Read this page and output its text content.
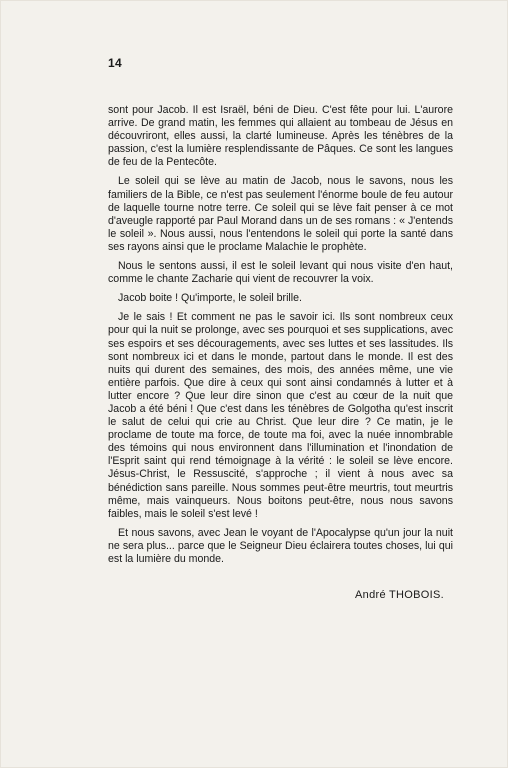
14

sont pour Jacob. Il est Israël, béni de Dieu. C'est fête pour lui. L'aurore arrive. De grand matin, les femmes qui allaient au tombeau de Jésus en découvriront, elles aussi, la clarté lumineuse. Après les ténèbres de la passion, c'est la lumière resplendissante de Pâques. Ce sont les langues de feu de la Pentecôte.

Le soleil qui se lève au matin de Jacob, nous le savons, nous les familiers de la Bible, ce n'est pas seulement l'énorme boule de feu autour de laquelle tourne notre terre. Ce soleil qui se lève fait penser à ce mot d'aveugle rapporté par Paul Morand dans un de ses romans : « J'entends le soleil ». Nous aussi, nous l'entendons le soleil qui porte la santé dans ses rayons ainsi que le proclame Malachie le prophète.

Nous le sentons aussi, il est le soleil levant qui nous visite d'en haut, comme le chante Zacharie qui vient de recouvrer la voix.

Jacob boite ! Qu'importe, le soleil brille.

Je le sais ! Et comment ne pas le savoir ici. Ils sont nombreux ceux pour qui la nuit se prolonge, avec ses pourquoi et ses supplications, avec ses espoirs et ses découragements, avec ses luttes et ses lassitudes. Ils sont nombreux ici et dans le monde, partout dans le monde. Il est des nuits qui durent des semaines, des mois, des années même, une vie entière parfois. Que dire à ceux qui sont ainsi condamnés à lutter et à lutter encore ? Que leur dire sinon que c'est au cœur de la nuit que Jacob a été béni ! Que c'est dans les ténèbres de Golgotha qu'est inscrit le salut de celui qui crie au Christ. Que leur dire ? Ce matin, je le proclame de toute ma force, de toute ma foi, avec la nuée innombrable des témoins qui nous environnent dans l'illumination et l'inondation de l'Esprit saint qui rend témoignage à la vérité : le soleil se lève encore. Jésus-Christ, le Ressuscité, s'approche ; il vient à nous avec sa bénédiction sans pareille. Nous sommes peut-être meurtris, tout meurtris même, mais vainqueurs. Nous boitons peut-être, nous nous savons faibles, mais le soleil s'est levé !

Et nous savons, avec Jean le voyant de l'Apocalypse qu'un jour la nuit ne sera plus... parce que le Seigneur Dieu éclairera toutes choses, lui qui est la lumière du monde.

André THOBOIS.
